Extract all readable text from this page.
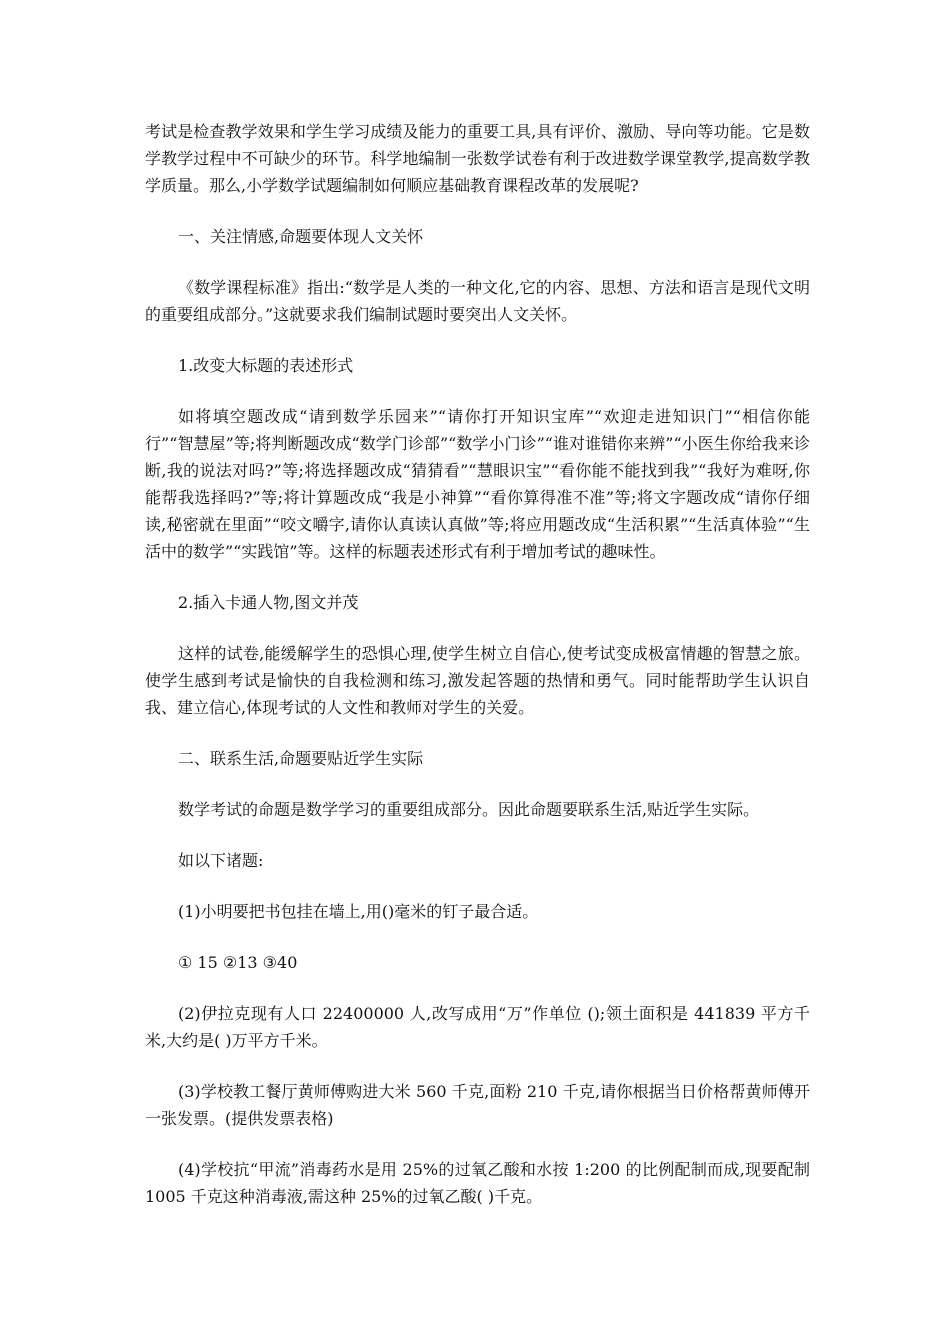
考试是检查教学效果和学生学习成绩及能力的重要工具,具有评价、激励、导向等功能。它是数学教学过程中不可缺少的环节。科学地编制一张数学试卷有利于改进数学课堂教学,提高数学教学质量。那么,小学数学试题编制如何顺应基础教育课程改革的发展呢?

一、关注情感,命题要体现人文关怀

《数学课程标准》指出:“数学是人类的一种文化,它的内容、思想、方法和语言是现代文明的重要组成部分。”这就要求我们编制试题时要突出人文关怀。

1.改变大标题的表述形式

如将填空题改成“请到数学乐园来”“请你打开知识宝库”“欢迎走进知识门”“相信你能行”“智慧屋”等;将判断题改成“数学门诊部”“数学小门诊”“谁对谁错你来辨”“小医生你给我来诊断,我的说法对吗?”等;将选择题改成“猜猜看”“慧眼识宝”“看你能不能找到我”“我好为难呀,你能帮我选择吗?”等;将计算题改成“我是小神算”“看你算得准不准”等;将文字题改成“请你仔细读,秘密就在里面”“咬文嚼字,请你认真读认真做”等;将应用题改成“生活积累”“生活真体验”“生活中的数学”“实践馆”等。这样的标题表述形式有利于增加考试的趣味性。

2.插入卡通人物,图文并茂

这样的试卷,能缓解学生的恐惧心理,使学生树立自信心,使考试变成极富情趣的智慧之旅。使学生感到考试是愉快的自我检测和练习,激发起答题的热情和勇气。同时能帮助学生认识自我、建立信心,体现考试的人文性和教师对学生的关爱。

二、联系生活,命题要贴近学生实际

数学考试的命题是数学学习的重要组成部分。因此命题要联系生活,贴近学生实际。

如以下诸题:

(1)小明要把书包挂在墙上,用()毫米的钉子最合适。

① 15 ②13 ③40

(2)伊拉克现有人口 22400000 人,改写成用“万”作单位 ();领土面积是 441839 平方千米,大约是( )万平方千米。

(3)学校教工餐厅黄师傅购进大米 560 千克,面粉 210 千克,请你根据当日价格帮黄师傅开一张发票。(提供发票表格)

(4)学校抗“甲流”消毒药水是用 25%的过氧乙酸和水按 1:200 的比例配制而成,现要配制 1005 千克这种消毒液,需这种 25%的过氧乙酸( )千克。
